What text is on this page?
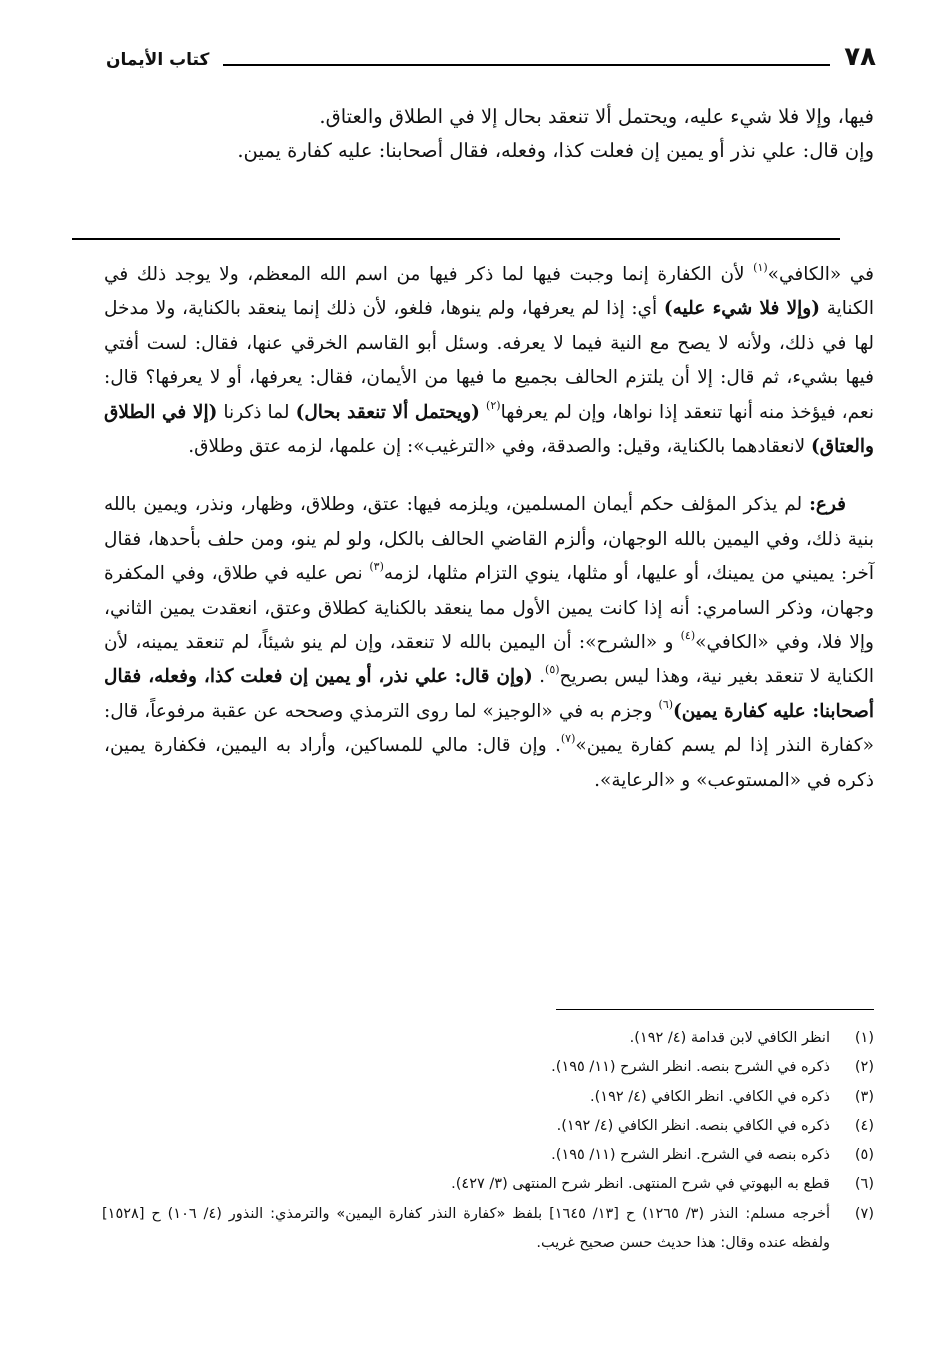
٧٨
كتاب الأيمان

فيها، وإلا فلا شيء عليه، ويحتمل ألا تنعقد بحال إلا في الطلاق والعتاق.

وإن قال: علي نذر أو يمين إن فعلت كذا، وفعله، فقال أصحابنا: عليه كفارة يمين.

في «الكافي»$^{(١)}$ لأن الكفارة إنما وجبت فيها لما ذكر فيها من اسم الله المعظم، ولا يوجد ذلك في الكناية (وإلا فلا شيء عليه) أي: إذا لم يعرفها، ولم ينوها، فلغو، لأن ذلك إنما ينعقد بالكناية، ولا مدخل لها في ذلك، ولأنه لا يصح مع النية فيما لا يعرفه. وسئل أبو القاسم الخرقي عنها، فقال: لست أفتي فيها بشيء، ثم قال: إلا أن يلتزم الحالف بجميع ما فيها من الأيمان، فقال: يعرفها، أو لا يعرفها؟ قال: نعم، فيؤخذ منه أنها تنعقد إذا نواها، وإن لم يعرفها$^{(٢)}$ (ويحتمل ألا تنعقد بحال) لما ذكرنا (إلا في الطلاق والعتاق) لانعقادهما بالكناية، وقيل: والصدقة، وفي «الترغيب»: إن علمها، لزمه عتق وطلاق.

فرع: لم يذكر المؤلف حكم أيمان المسلمين، ويلزمه فيها: عتق، وطلاق، وظهار، ونذر، ويمين بالله بنية ذلك، وفي اليمين بالله الوجهان، وألزم القاضي الحالف بالكل، ولو لم ينو، ومن حلف بأحدها، فقال آخر: يميني من يمينك، أو عليها، أو مثلها، ينوي التزام مثلها، لزمه$^{(٣)}$ نص عليه في طلاق، وفي المكفرة وجهان، وذكر السامري: أنه إذا كانت يمين الأول مما ينعقد بالكناية كطلاق وعتق، انعقدت يمين الثاني، وإلا فلا، وفي «الكافي»$^{(٤)}$ و «الشرح»: أن اليمين بالله لا تنعقد، وإن لم ينو شيئاً، لم تنعقد يمينه، لأن الكناية لا تنعقد بغير نية، وهذا ليس بصريح$^{(٥)}$. (وإن قال: علي نذر، أو يمين إن فعلت كذا، وفعله، فقال أصحابنا: عليه كفارة يمين)$^{(٦)}$ وجزم به في «الوجيز» لما روى الترمذي وصححه عن عقبة مرفوعاً، قال: «كفارة النذر إذا لم يسم كفارة يمين»$^{(٧)}$. وإن قال: مالي للمساكين، وأراد به اليمين، فكفارة يمين، ذكره في «المستوعب» و «الرعاية».

(١)
انظر الكافي لابن قدامة (٤/ ١٩٢).
(٢)
ذكره في الشرح بنصه. انظر الشرح (١١/ ١٩٥).
(٣)
ذكره في الكافي. انظر الكافي (٤/ ١٩٢).
(٤)
ذكره في الكافي بنصه. انظر الكافي (٤/ ١٩٢).
(٥)
ذكره بنصه في الشرح. انظر الشرح (١١/ ١٩٥).
(٦)
قطع به البهوتي في شرح المنتهى. انظر شرح المنتهى (٣/ ٤٢٧).
(٧)
أخرجه مسلم: النذر (٣/ ١٢٦٥) ح [١٣/ ١٦٤٥] بلفظ «كفارة النذر كفارة اليمين» والترمذي: النذور (٤/ ١٠٦) ح [١٥٢٨] ولفظه عنده وقال: هذا حديث حسن صحيح غريب.
